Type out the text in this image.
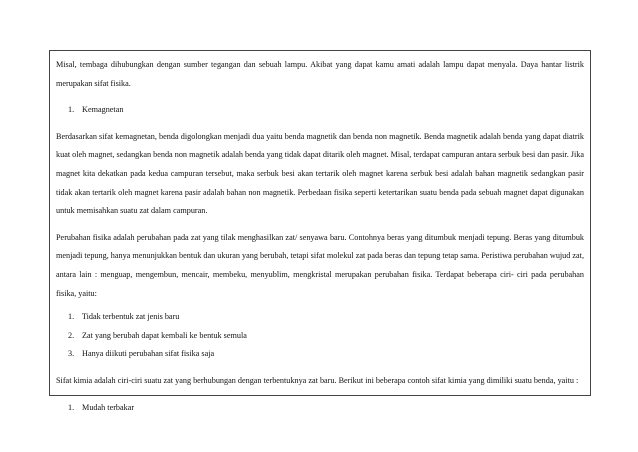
Misal, tembaga dihubungkan dengan sumber tegangan dan sebuah lampu. Akibat yang dapat kamu amati adalah lampu dapat menyala. Daya hantar listrik merupakan sifat fisika.

1. Kemagnetan

Berdasarkan sifat kemagnetan, benda digolongkan menjadi dua yaitu benda magnetik dan benda non magnetik. Benda magnetik adalah benda yang dapat diatrik kuat oleh magnet, sedangkan benda non magnetik adalah benda yang tidak dapat ditarik oleh magnet. Misal, terdapat campuran antara serbuk besi dan pasir. Jika magnet kita dekatkan pada kedua campuran tersebut, maka serbuk besi akan tertarik oleh magnet karena serbuk besi adalah bahan magnetik sedangkan pasir tidak akan tertarik oleh magnet karena pasir adalah bahan non magnetik. Perbedaan fisika seperti ketertarikan suatu benda pada sebuah magnet dapat digunakan untuk memisahkan suatu zat dalam campuran.

Perubahan fisika adalah perubahan pada zat yang tilak menghasilkan zat/ senyawa baru. Contohnya beras yang ditumbuk menjadi tepung. Beras yang ditumbuk menjadi tepung, hanya menunjukkan bentuk dan ukuran yang berubah, tetapi sifat molekul zat pada beras dan tepung tetap sama. Peristiwa perubahan wujud zat, antara lain : menguap, mengembun, mencair, membeku, menyublim, mengkristal merupakan perubahan fisika. Terdapat beberapa ciri- ciri pada perubahan fisika, yaitu:

1. Tidak terbentuk zat jenis baru
2. Zat yang berubah dapat kembali ke bentuk semula
3. Hanya diikuti perubahan sifat fisika saja

Sifat kimia adalah ciri-ciri suatu zat yang berhubungan dengan terbentuknya zat baru. Berikut ini beberapa contoh sifat kimia yang dimiliki suatu benda, yaitu :

1. Mudah terbakar
